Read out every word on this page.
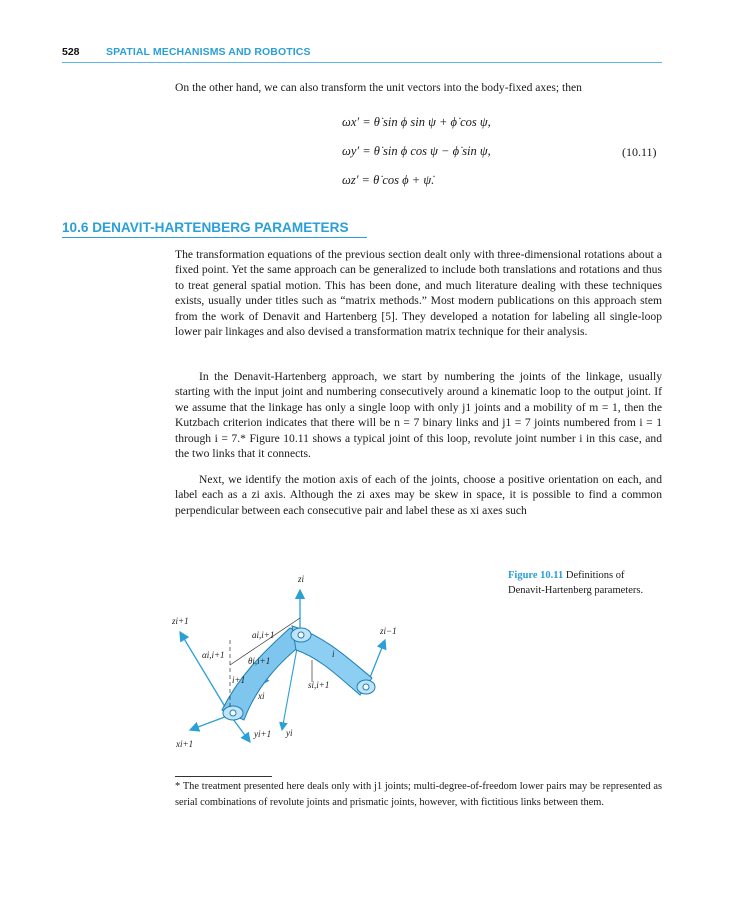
528	SPATIAL MECHANISMS AND ROBOTICS

On the other hand, we can also transform the unit vectors into the body-fixed axes; then

ωx′ = θ̇ sin ϕ sin ψ + ϕ̇ cos ψ,
ωy′ = θ̇ sin ϕ cos ψ − ϕ̇ sin ψ,
ωz′ = θ̇ cos ϕ + ψ̇.
(10.11)
10.6 DENAVIT-HARTENBERG PARAMETERS

The transformation equations of the previous section dealt only with three-dimensional rotations about a fixed point. Yet the same approach can be generalized to include both translations and rotations and thus to treat general spatial motion. This has been done, and much literature dealing with these techniques exists, usually under titles such as “matrix methods.” Most modern publications on this approach stem from the work of Denavit and Hartenberg [5]. They developed a notation for labeling all single-loop lower pair linkages and also devised a transformation matrix technique for their analysis.

In the Denavit-Hartenberg approach, we start by numbering the joints of the linkage, usually starting with the input joint and numbering consecutively around a kinematic loop to the output joint. If we assume that the linkage has only a single loop with only j1 joints and a mobility of m = 1, then the Kutzbach criterion indicates that there will be n = 7 binary links and j1 = 7 joints numbered from i = 1 through i = 7.* Figure 10.11 shows a typical joint of this loop, revolute joint number i in this case, and the two links that it connects.

Next, we identify the motion axis of each of the joints, choose a positive orientation on each, and label each as a zi axis. Although the zi axes may be skew in space, it is possible to find a common perpendicular between each consecutive pair and label these as xi axes such

zi
zi+1
zi−1
ai,i+1
αi,i+1
θi,i+1
i+1
i
si,i+1
xi
yi+1 yi
xi+1
Figure 10.11 Definitions of Denavit-Hartenberg parameters.

* The treatment presented here deals only with j1 joints; multi-degree-of-freedom lower pairs may be represented as serial combinations of revolute joints and prismatic joints, however, with fictitious links between them.
